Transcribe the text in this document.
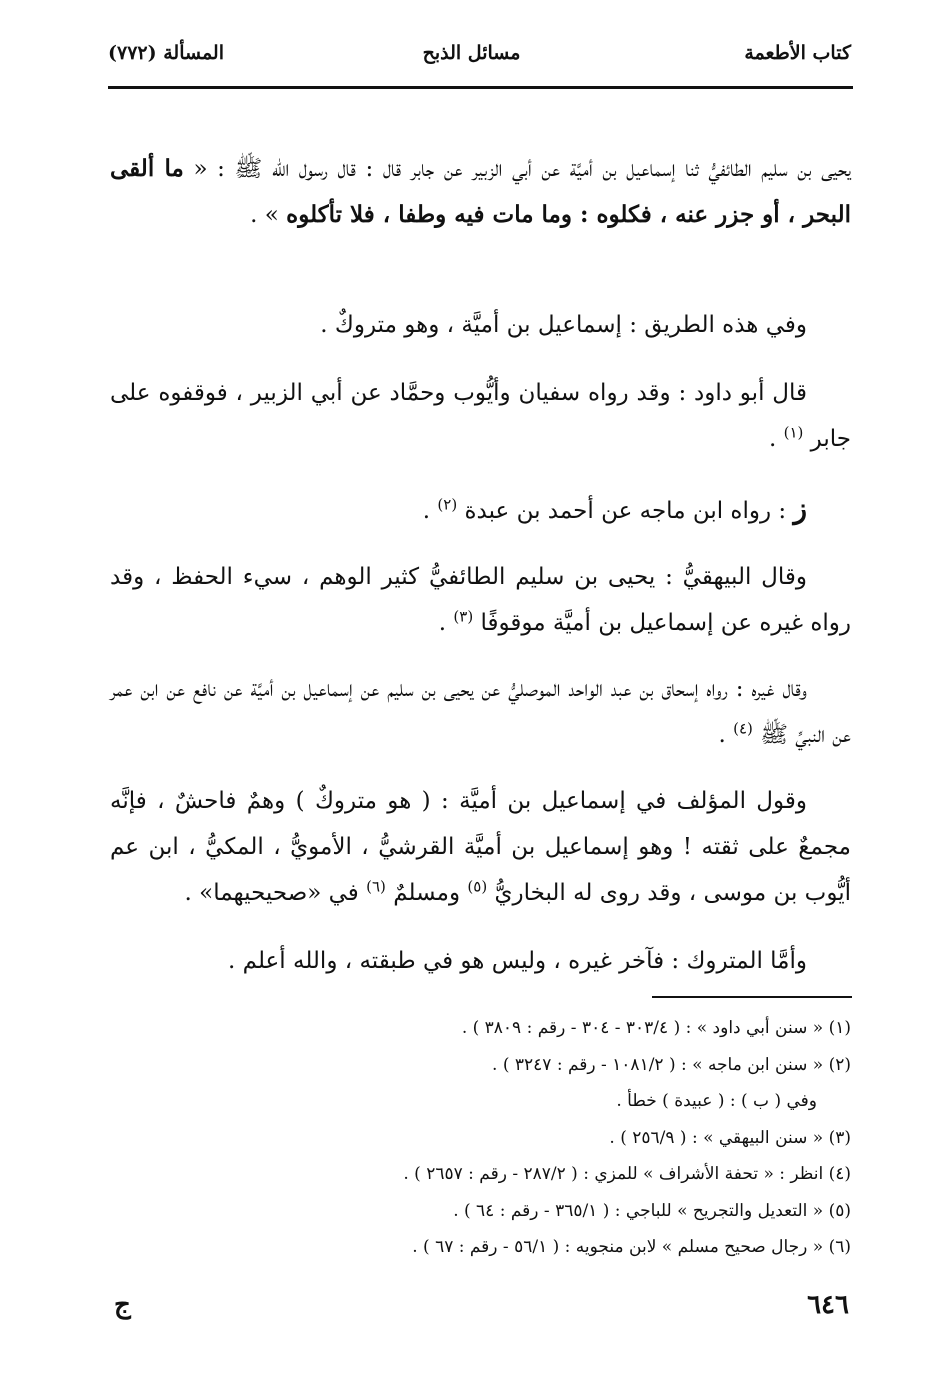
كتاب الأطعمة
مسائل الذبح
المسألة (٧٧٢)

يحيى بن سليم الطائفيُّ ثنا إسماعيل بن أميَّة عن أبي الزبير عن جابر قال : قال رسول الله ﷺ : « ما ألقى البحر ، أو جزر عنه ، فكلوه : وما مات فيه وطفا ، فلا تأكلوه » .

وفي هذه الطريق : إسماعيل بن أميَّة ، وهو متروكٌ .

قال أبو داود : وقد رواه سفيان وأيُّوب وحمَّاد عن أبي الزبير ، فوقفوه على جابر $^{(١)}$ .

ز : رواه ابن ماجه عن أحمد بن عبدة $^{(٢)}$ .

وقال البيهقيُّ : يحيى بن سليم الطائفيُّ كثير الوهم ، سيء الحفظ ، وقد رواه غيره عن إسماعيل بن أميَّة موقوفًا $^{(٣)}$ .

وقال غيره : رواه إسحاق بن عبد الواحد الموصليُّ عن يحيى بن سليم عن إسماعيل بن أميَّة عن نافع عن ابن عمر عن النبيِّ ﷺ $^{(٤)}$ .

وقول المؤلف في إسماعيل بن أميَّة : ( هو متروكٌ ) وهمٌ فاحشٌ ، فإنَّه مجمعٌ على ثقته ! وهو إسماعيل بن أميَّة القرشيُّ ، الأمويُّ ، المكيُّ ، ابن عم أيُّوب بن موسى ، وقد روى له البخاريُّ $^{(٥)}$ ومسلمٌ $^{(٦)}$ في «صحيحيهما» .

وأمَّا المتروك : فآخر غيره ، وليس هو في طبقته ، والله أعلم .

(١) « سنن أبي داود » : ( ٣٠٣/٤ - ٣٠٤ - رقم : ٣٨٠٩ ) .
(٢) « سنن ابن ماجه » : ( ١٠٨١/٢ - رقم : ٣٢٤٧ ) .
وفي ( ب ) : ( عبيدة ) خطأ .
(٣) « سنن البيهقي » : ( ٢٥٦/٩ ) .
(٤) انظر : « تحفة الأشراف » للمزي : ( ٢٨٧/٢ - رقم : ٢٦٥٧ ) .
(٥) « التعديل والتجريح » للباجي : ( ٣٦٥/١ - رقم : ٦٤ ) .
(٦) « رجال صحيح مسلم » لابن منجويه : ( ٥٦/١ - رقم : ٦٧ ) .
٦٤٦
ج
